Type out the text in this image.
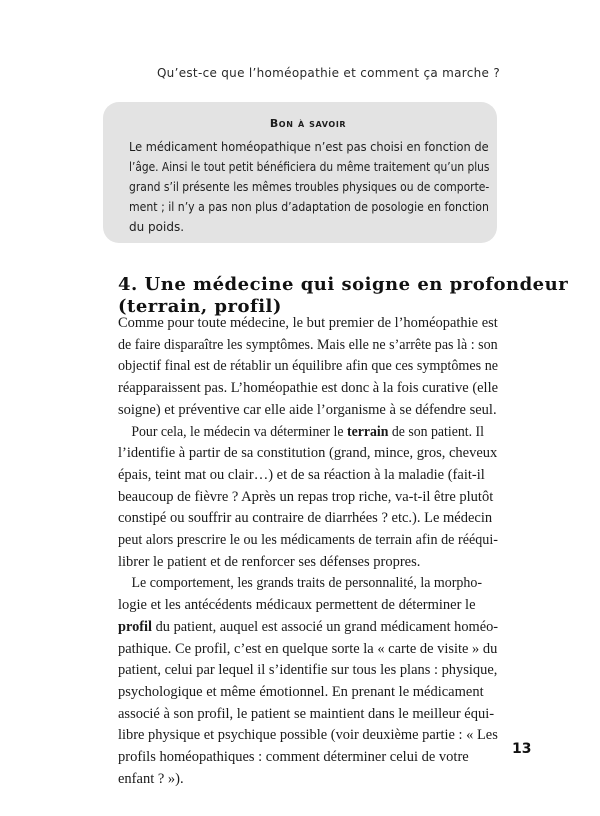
Qu’est-ce que l’homéopathie et comment ça marche ?
Bon à savoir
Le médicament homéopathique n’est pas choisi en fonction de
l’âge. Ainsi le tout petit bénéficiera du même traitement qu’un plus
grand s’il présente les mêmes troubles physiques ou de comporte-
ment ; il n’y a pas non plus d’adaptation de posologie en fonction
du poids.
4. Une médecine qui soigne en profondeur
(terrain, profil)
Comme pour toute médecine, le but premier de l’homéopathie est
de faire disparaître les symptômes. Mais elle ne s’arrête pas là : son
objectif final est de rétablir un équilibre afin que ces symptômes ne
réapparaissent pas. L’homéopathie est donc à la fois curative (elle
soigne) et préventive car elle aide l’organisme à se défendre seul.
Pour cela, le médecin va déterminer le terrain de son patient. Il
l’identifie à partir de sa constitution (grand, mince, gros, cheveux
épais, teint mat ou clair…) et de sa réaction à la maladie (fait-il
beaucoup de fièvre ? Après un repas trop riche, va-t-il être plutôt
constipé ou souffrir au contraire de diarrhées ? etc.). Le médecin
peut alors prescrire le ou les médicaments de terrain afin de rééqui-
librer le patient et de renforcer ses défenses propres.
Le comportement, les grands traits de personnalité, la morpho-
logie et les antécédents médicaux permettent de déterminer le
profil du patient, auquel est associé un grand médicament homéo-
pathique. Ce profil, c’est en quelque sorte la « carte de visite » du
patient, celui par lequel il s’identifie sur tous les plans : physique,
psychologique et même émotionnel. En prenant le médicament
associé à son profil, le patient se maintient dans le meilleur équi-
libre physique et psychique possible (voir deuxième partie : « Les
profils homéopathiques : comment déterminer celui de votre
enfant ? »).
13
